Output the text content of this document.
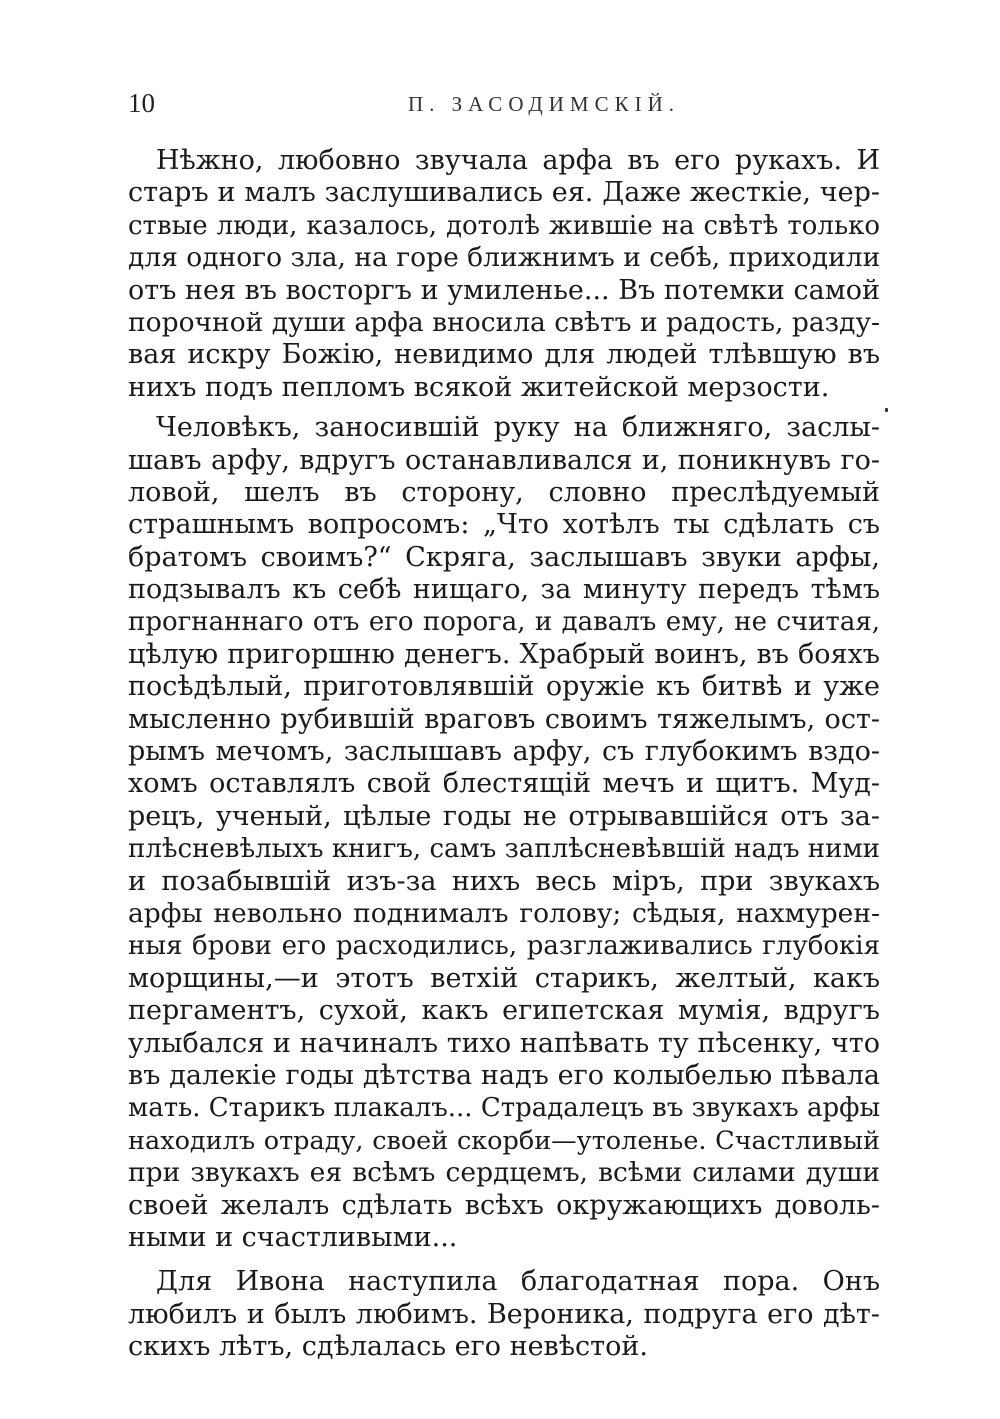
10	П. ЗАСОДИМСКІЙ.
Нѣжно, любовно звучала арфа въ его рукахъ. И
старъ и малъ заслушивались ея. Даже жесткіе, чер-
ствые люди, казалось, дотолѣ жившіе на свѣтѣ только
для одного зла, на горе ближнимъ и себѣ, приходили
отъ нея въ восторгъ и умиленье... Въ потемки самой
порочной души арфа вносила свѣтъ и радость, разду-
вая искру Божію, невидимо для людей тлѣвшую въ
нихъ подъ пепломъ всякой житейской мерзости.
Человѣкъ, заносившій руку на ближняго, заслы-
шавъ арфу, вдругъ останавливался и, поникнувъ го-
ловой, шелъ въ сторону, словно преслѣдуемый
страшнымъ вопросомъ: „Что хотѣлъ ты сдѣлать съ
братомъ своимъ?“ Скряга, заслышавъ звуки арфы,
подзывалъ къ себѣ нищаго, за минуту передъ тѣмъ
прогнаннаго отъ его порога, и давалъ ему, не считая,
цѣлую пригоршню денегъ. Храбрый воинъ, въ бояхъ
посѣдѣлый, приготовлявшій оружіе къ битвѣ и уже
мысленно рубившій враговъ своимъ тяжелымъ, ост-
рымъ мечомъ, заслышавъ арфу, съ глубокимъ вздо-
хомъ оставлялъ свой блестящій мечъ и щитъ. Муд-
рецъ, ученый, цѣлые годы не отрывавшійся отъ за-
плѣсневѣлыхъ книгъ, самъ заплѣсневѣвшій надъ ними
и позабывшій изъ-за нихъ весь міръ, при звукахъ
арфы невольно поднималъ голову; сѣдыя, нахмурен-
ныя брови его расходились, разглаживались глубокія
морщины,—и этотъ ветхій старикъ, желтый, какъ
пергаментъ, сухой, какъ египетская мумія, вдругъ
улыбался и начиналъ тихо напѣвать ту пѣсенку, что
въ далекіе годы дѣтства надъ его колыбелью пѣвала
мать. Старикъ плакалъ... Страдалецъ въ звукахъ арфы
находилъ отраду, своей скорби—утоленье. Счастливый
при звукахъ ея всѣмъ сердцемъ, всѣми силами души
своей желалъ сдѣлать всѣхъ окружающихъ доволь-
ными и счастливыми...
Для Ивона наступила благодатная пора. Онъ
любилъ и былъ любимъ. Вероника, подруга его дѣт-
скихъ лѣтъ, сдѣлалась его невѣстой.
